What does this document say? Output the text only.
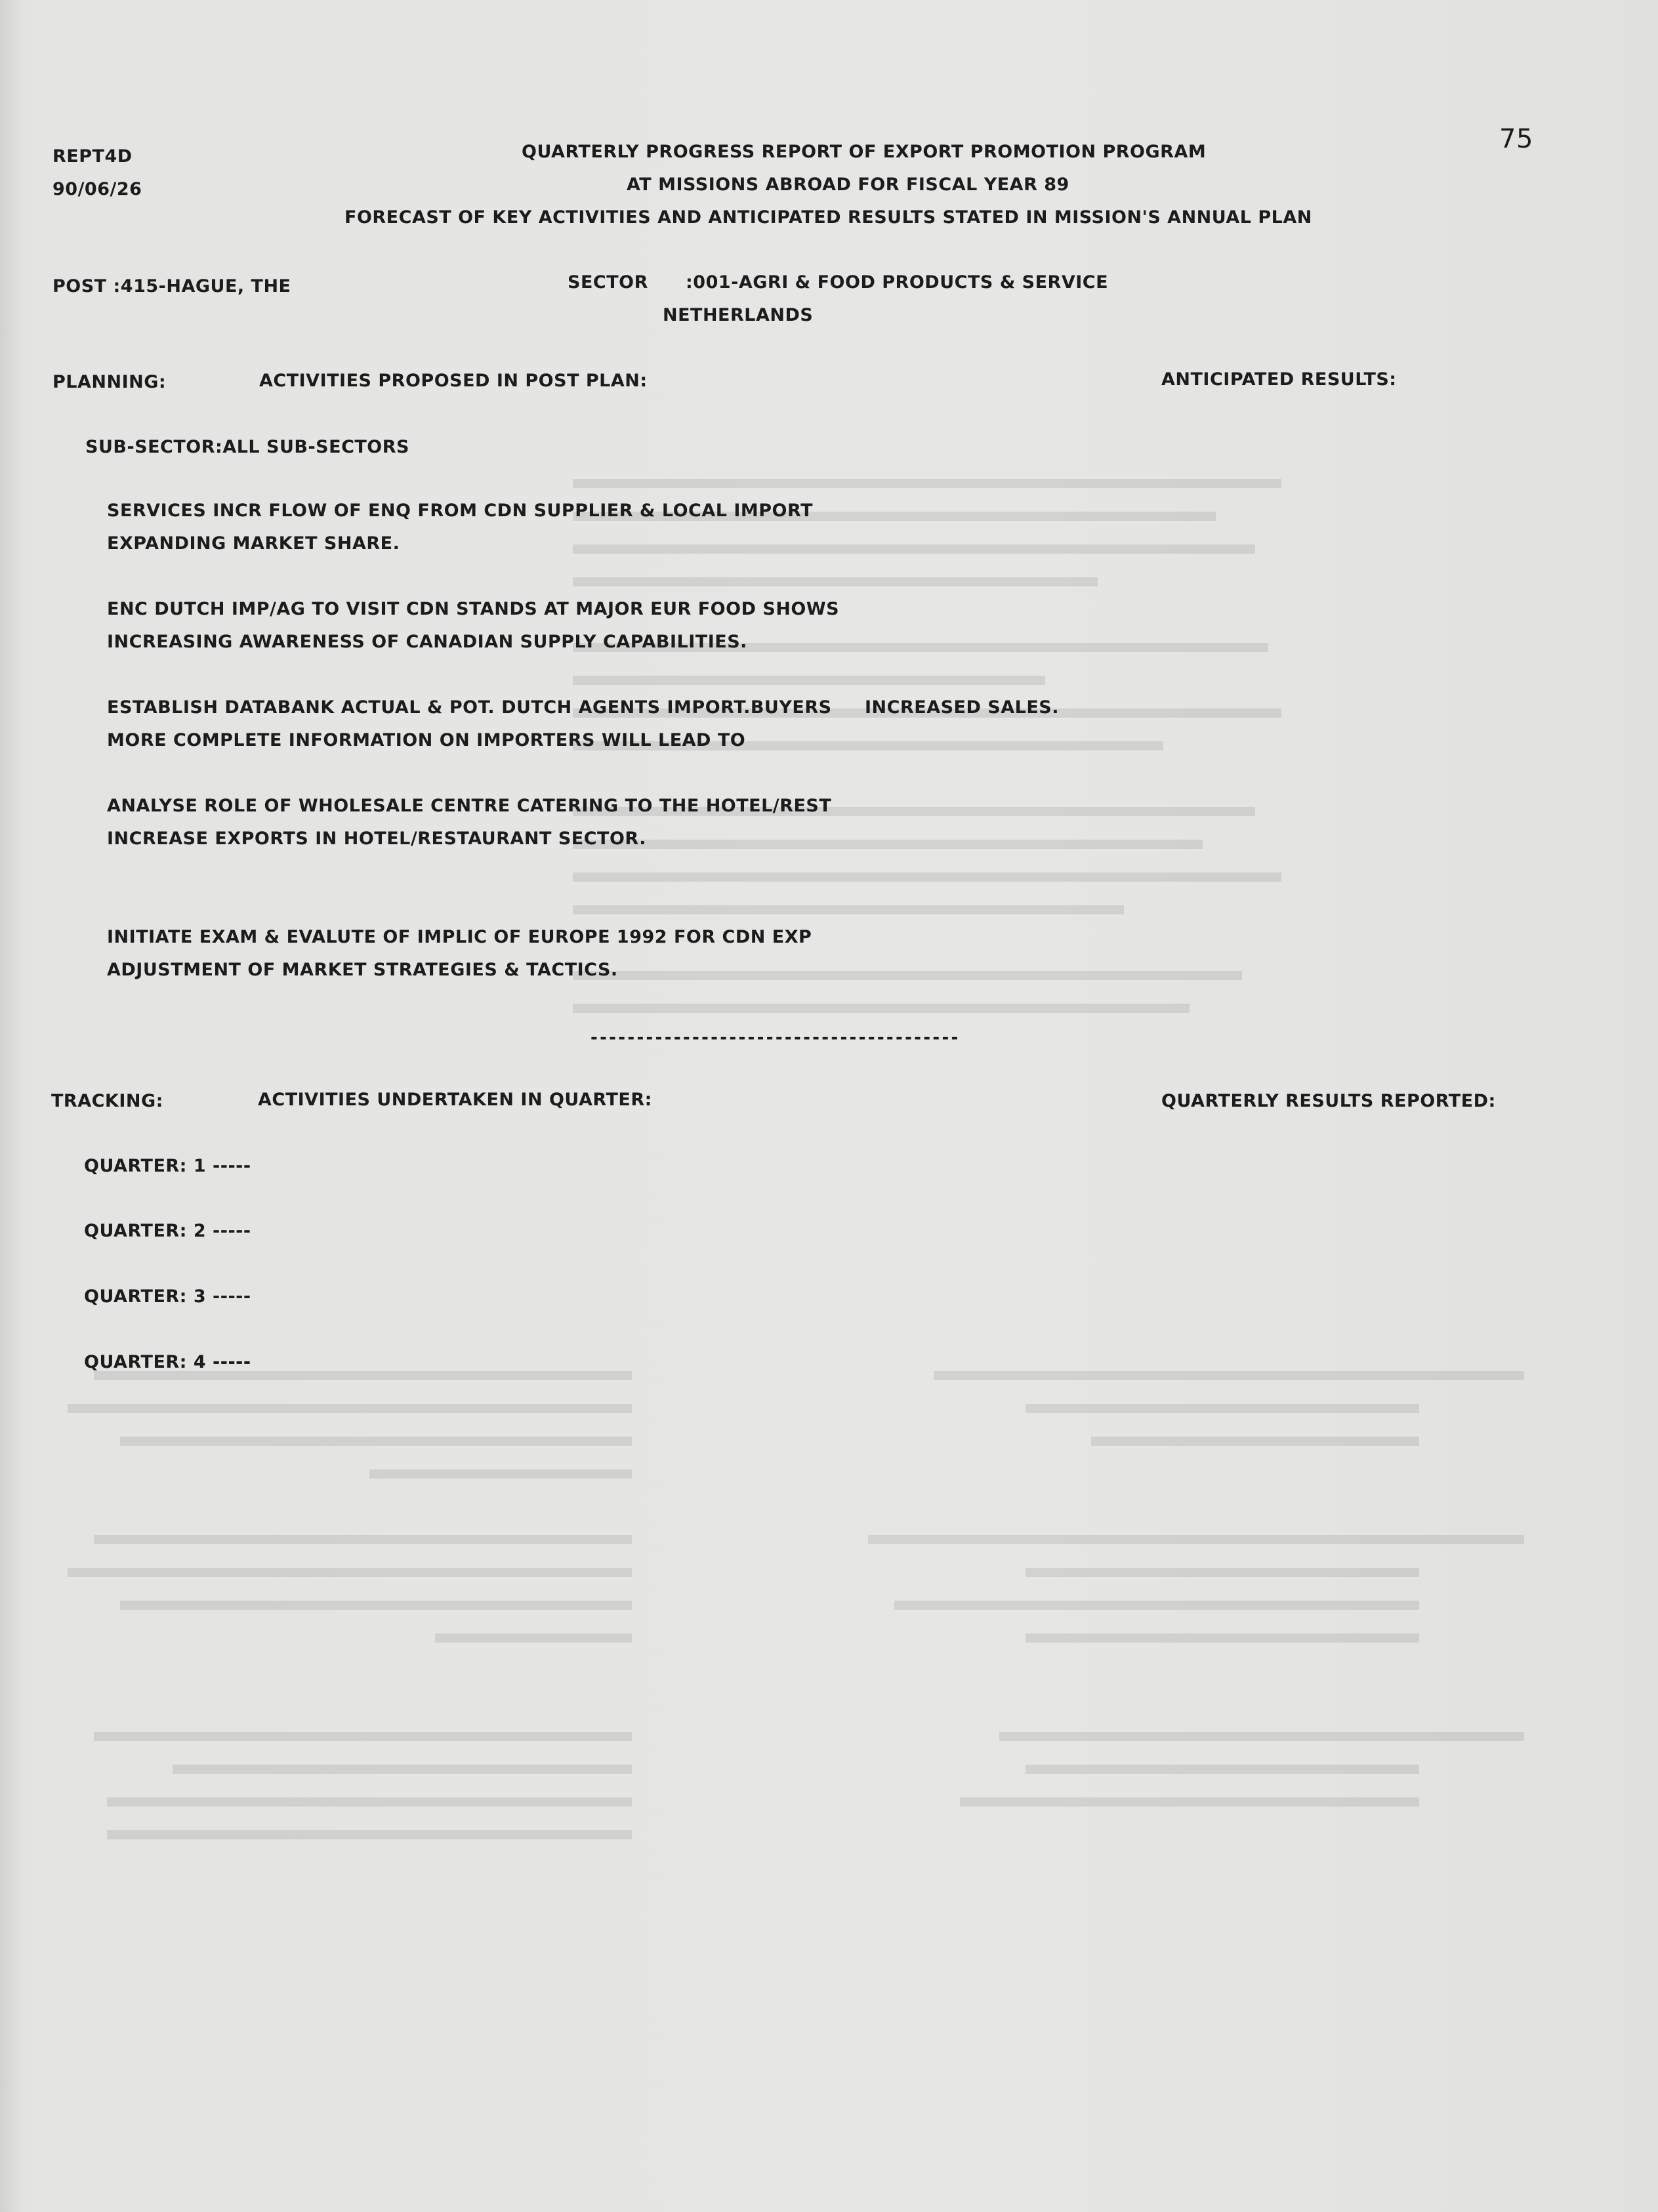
75
REPT4D
90/06/26
QUARTERLY PROGRESS REPORT OF EXPORT PROMOTION PROGRAM
AT MISSIONS ABROAD FOR FISCAL YEAR 89
FORECAST OF KEY ACTIVITIES AND ANTICIPATED RESULTS STATED IN MISSION'S ANNUAL PLAN
POST :415-HAGUE, THE	SECTOR :001-AGRI & FOOD PRODUCTS & SERVICE
NETHERLANDS
PLANNING:	ACTIVITIES PROPOSED IN POST PLAN:	ANTICIPATED RESULTS:
SUB-SECTOR:ALL SUB-SECTORS
SERVICES INCR FLOW OF ENQ FROM CDN SUPPLIER & LOCAL IMPORT
EXPANDING MARKET SHARE.
ENC DUTCH IMP/AG TO VISIT CDN STANDS AT MAJOR EUR FOOD SHOWS
INCREASING AWARENESS OF CANADIAN SUPPLY CAPABILITIES.
ESTABLISH DATABANK ACTUAL & POT. DUTCH AGENTS IMPORT.BUYERS INCREASED SALES.
MORE COMPLETE INFORMATION ON IMPORTERS WILL LEAD TO
ANALYSE ROLE OF WHOLESALE CENTRE CATERING TO THE HOTEL/REST
INCREASE EXPORTS IN HOTEL/RESTAURANT SECTOR.
INITIATE EXAM & EVALUTE OF IMPLIC OF EUROPE 1992 FOR CDN EXP
ADJUSTMENT OF MARKET STRATEGIES & TACTICS.
----------------------------------------
TRACKING:	ACTIVITIES UNDERTAKEN IN QUARTER:	QUARTERLY RESULTS REPORTED:
QUARTER: 1 -----
QUARTER: 2 -----
QUARTER: 3 -----
QUARTER: 4 -----
